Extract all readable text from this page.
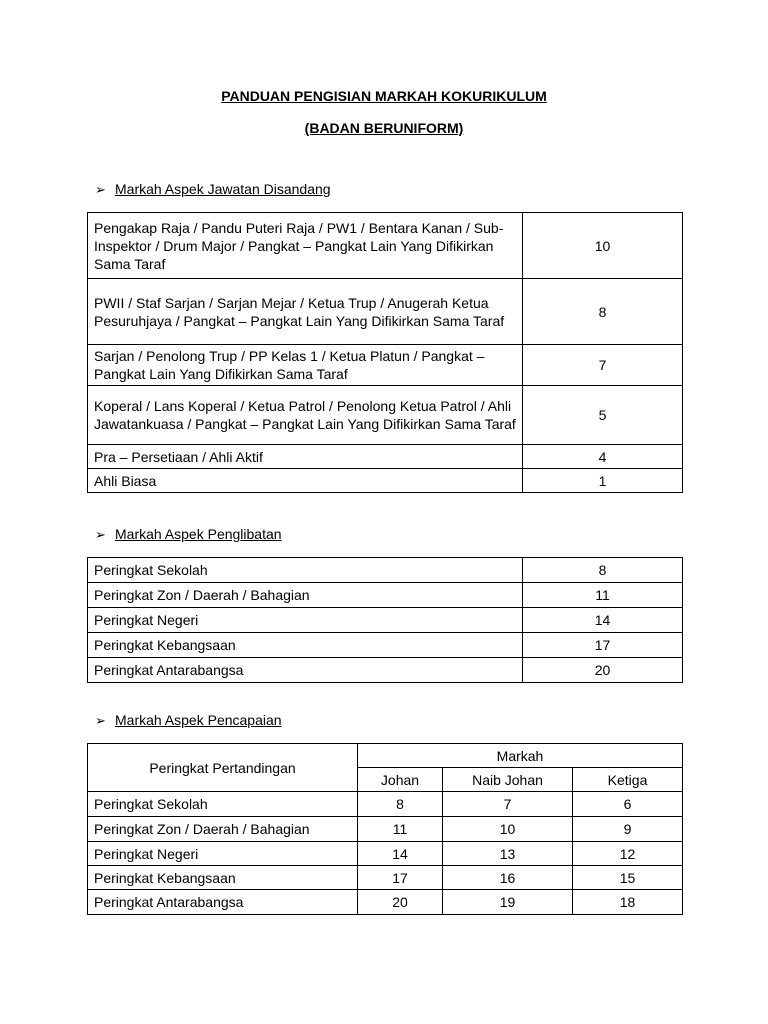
PANDUAN PENGISIAN MARKAH KOKURIKULUM
(BADAN BERUNIFORM)
➢ Markah Aspek Jawatan Disandang
Pengakap Raja / Pandu Puteri Raja / PW1 / Bentara Kanan / Sub-Inspektor / Drum Major / Pangkat – Pangkat Lain Yang Difikirkan Sama Taraf	10
PWII / Staf Sarjan / Sarjan Mejar / Ketua Trup / Anugerah Ketua Pesuruhjaya / Pangkat – Pangkat Lain Yang Difikirkan Sama Taraf	8
Sarjan / Penolong Trup / PP Kelas 1 / Ketua Platun / Pangkat – Pangkat Lain Yang Difikirkan Sama Taraf	7
Koperal / Lans Koperal / Ketua Patrol / Penolong Ketua Patrol / Ahli Jawatankuasa / Pangkat – Pangkat Lain Yang Difikirkan Sama Taraf	5
Pra – Persetiaan / Ahli Aktif	4
Ahli Biasa	1
➢ Markah Aspek Penglibatan
Peringkat Sekolah	8
Peringkat Zon / Daerah / Bahagian	11
Peringkat Negeri	14
Peringkat Kebangsaan	17
Peringkat Antarabangsa	20
➢ Markah Aspek Pencapaian
Peringkat Pertandingan	Markah		
	Johan	Naib Johan	Ketiga
Peringkat Sekolah	8	7	6
Peringkat Zon / Daerah / Bahagian	11	10	9
Peringkat Negeri	14	13	12
Peringkat Kebangsaan	17	16	15
Peringkat Antarabangsa	20	19	18
